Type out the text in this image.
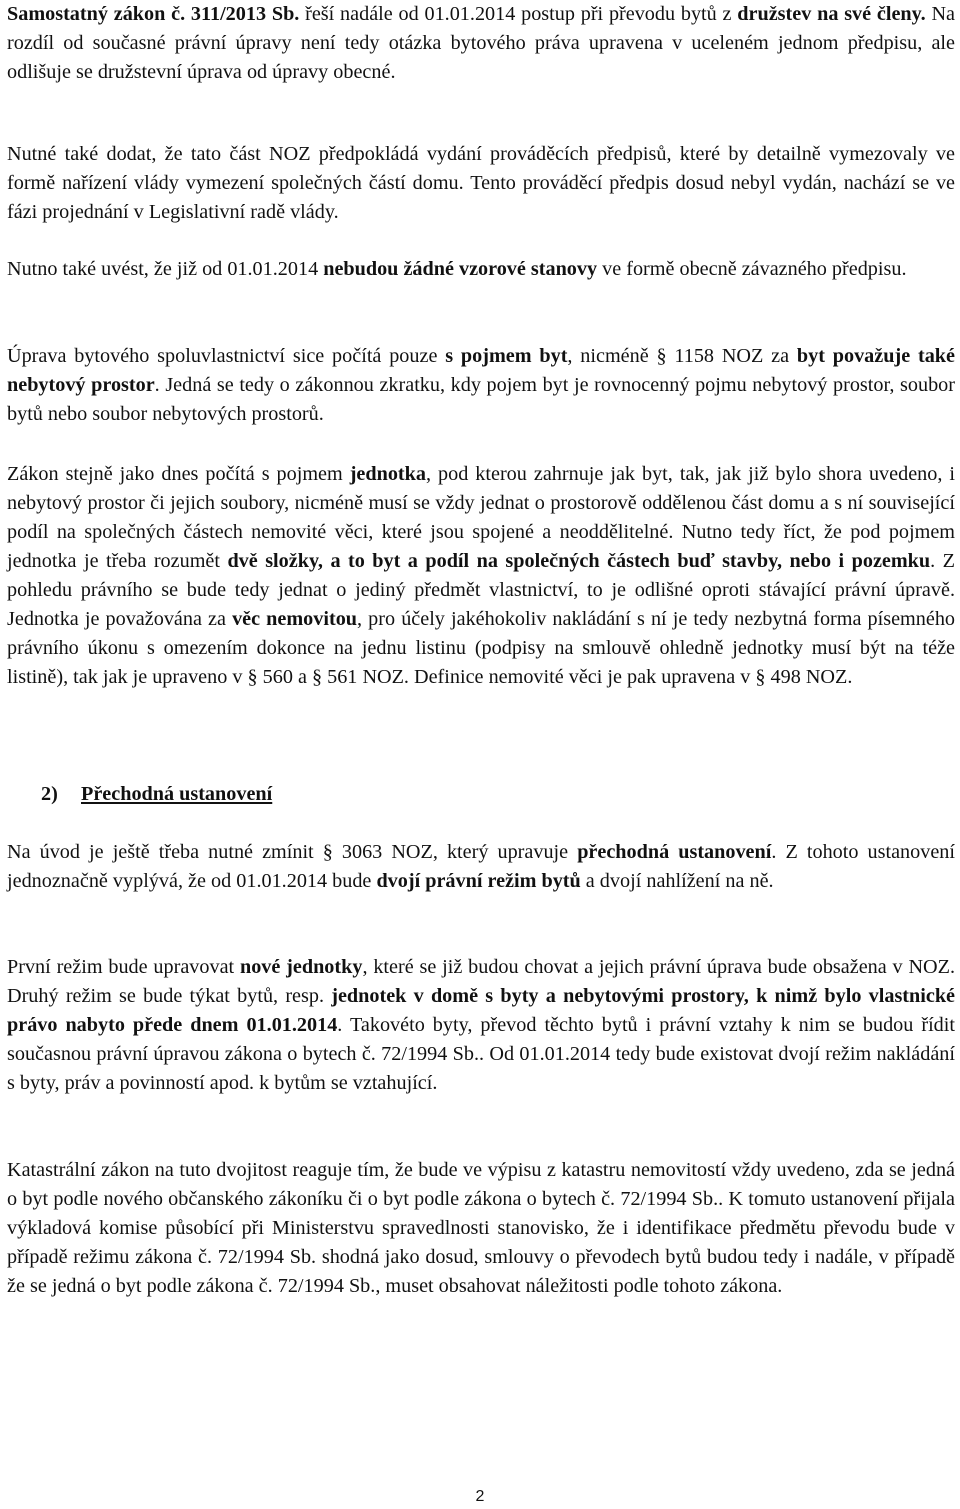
Samostatný zákon č. 311/2013 Sb. řeší nadále od 01.01.2014 postup při převodu bytů z družstev na své členy. Na rozdíl od současné právní úpravy není tedy otázka bytového práva upravena v uceleném jednom předpisu, ale odlišuje se družstevní úprava od úpravy obecné.

Nutné také dodat, že tato část NOZ předpokládá vydání prováděcích předpisů, které by detailně vymezovaly ve formě nařízení vlády vymezení společných částí domu. Tento prováděcí předpis dosud nebyl vydán, nachází se ve fázi projednání v Legislativní radě vlády.

Nutno také uvést, že již od 01.01.2014 nebudou žádné vzorové stanovy ve formě obecně závazného předpisu.

Úprava bytového spoluvlastnictví sice počítá pouze s pojmem byt, nicméně § 1158 NOZ za byt považuje také nebytový prostor. Jedná se tedy o zákonnou zkratku, kdy pojem byt je rovnocenný pojmu nebytový prostor, soubor bytů nebo soubor nebytových prostorů.

Zákon stejně jako dnes počítá s pojmem jednotka, pod kterou zahrnuje jak byt, tak, jak již bylo shora uvedeno, i nebytový prostor či jejich soubory, nicméně musí se vždy jednat o prostorově oddělenou část domu a s ní související podíl na společných částech nemovité věci, které jsou spojené a neoddělitelné. Nutno tedy říct, že pod pojmem jednotka je třeba rozumět dvě složky, a to byt a podíl na společných částech buď stavby, nebo i pozemku. Z pohledu právního se bude tedy jednat o jediný předmět vlastnictví, to je odlišné oproti stávající právní úpravě. Jednotka je považována za věc nemovitou, pro účely jakéhokoliv nakládání s ní je tedy nezbytná forma písemného právního úkonu s omezením dokonce na jednu listinu (podpisy na smlouvě ohledně jednotky musí být na téže listině), tak jak je upraveno v § 560 a § 561 NOZ. Definice nemovité věci je pak upravena v § 498 NOZ.

2) Přechodná ustanovení

Na úvod je ještě třeba nutné zmínit § 3063 NOZ, který upravuje přechodná ustanovení. Z tohoto ustanovení jednoznačně vyplývá, že od 01.01.2014 bude dvojí právní režim bytů a dvojí nahlížení na ně.

První režim bude upravovat nové jednotky, které se již budou chovat a jejich právní úprava bude obsažena v NOZ. Druhý režim se bude týkat bytů, resp. jednotek v domě s byty a nebytovými prostory, k nimž bylo vlastnické právo nabyto přede dnem 01.01.2014. Takovéto byty, převod těchto bytů i právní vztahy k nim se budou řídit současnou právní úpravou zákona o bytech č. 72/1994 Sb.. Od 01.01.2014 tedy bude existovat dvojí režim nakládání s byty, práv a povinností apod. k bytům se vztahující.

Katastrální zákon na tuto dvojitost reaguje tím, že bude ve výpisu z katastru nemovitostí vždy uvedeno, zda se jedná o byt podle nového občanského zákoníku či o byt podle zákona o bytech č. 72/1994 Sb.. K tomuto ustanovení přijala výkladová komise působící při Ministerstvu spravedlnosti stanovisko, že i identifikace předmětu převodu bude v případě režimu zákona č. 72/1994 Sb. shodná jako dosud, smlouvy o převodech bytů budou tedy i nadále, v případě že se jedná o byt podle zákona č. 72/1994 Sb., muset obsahovat náležitosti podle tohoto zákona.

2
